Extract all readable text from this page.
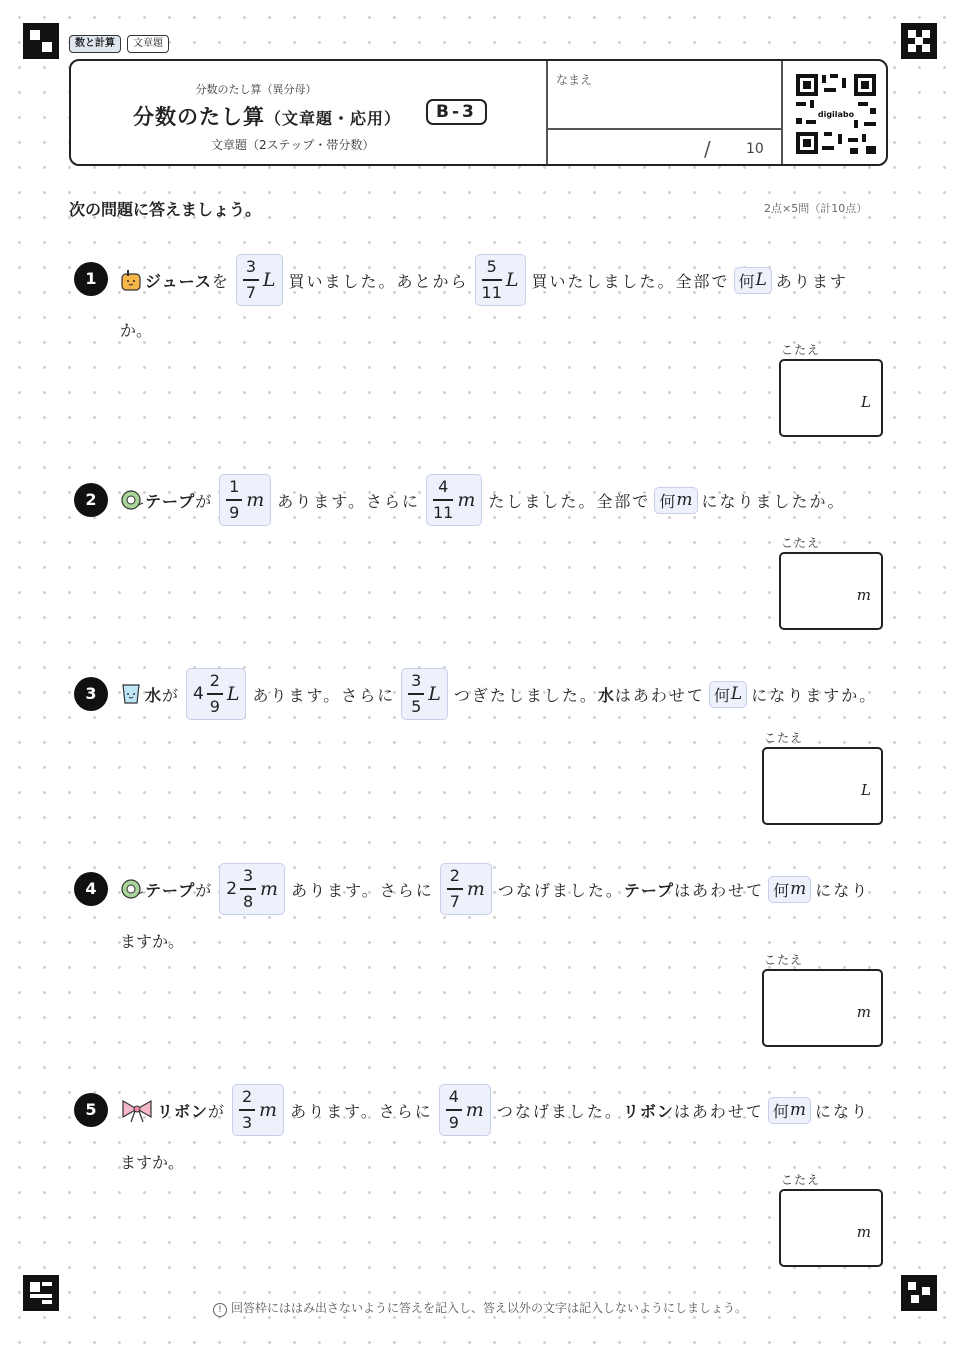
数と計算	文章題
分数のたし算（異分母）
分数のたし算（文章題・応用）	B-3
文章題（2ステップ・帯分数）
なまえ
/	10
digilabo
次の問題に答えましょう。	2点×5問（計10点）
1	ジュース を
3
7
L 買いました。あとから
5
11
L 買いたしました。全部で 何 L あります
か。
こたえ
L
2	テープ が
1
9
m あります。さらに
4
11
m たしました。全部で 何 m になりましたか。
こたえ
m
3	水 が 4
2
9
L あります。さらに
3
5
L つぎたしました。 水 はあわせて 何 L になりますか。
こたえ
L
4	テープ が 2
3
8
m あります。さらに
2
7
m つなげました。 テープ はあわせて 何 m になり
ますか。
こたえ
m
5	リボン が
2
3
m あります。さらに
4
9
m つなげました。 リボン はあわせて 何 m になり
ますか。
こたえ
m
! 回答枠にははみ出さないように答えを記入し、答え以外の文字は記入しないようにしましょう。
